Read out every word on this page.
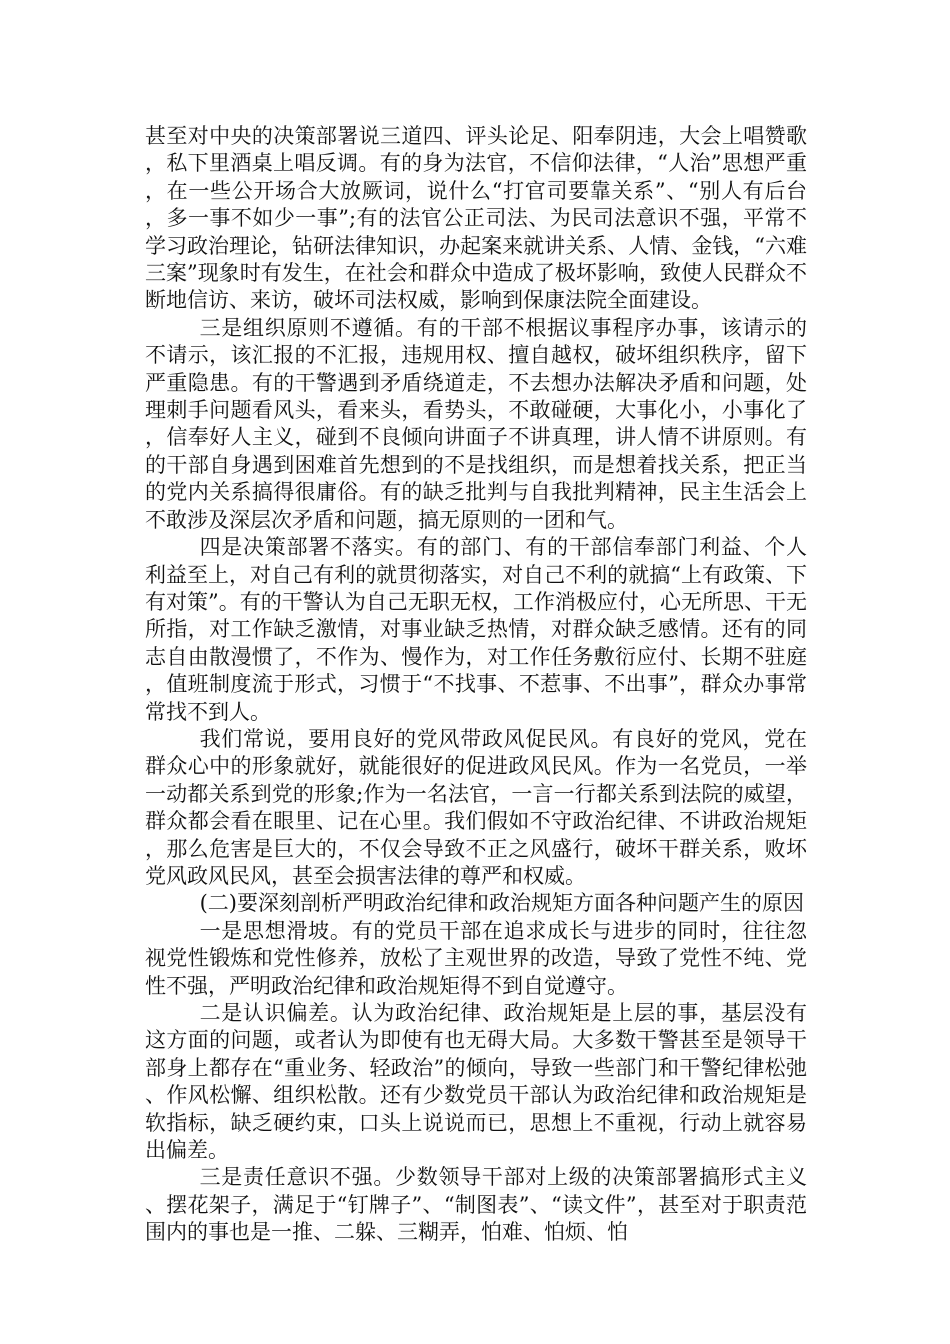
甚至对中央的决策部署说三道四、评头论足、阳奉阴违，大会上唱赞歌，私下里酒桌上唱反调。有的身为法官，不信仰法律，“人治”思想严重，在一些公开场合大放厥词，说什么“打官司要靠关系”、“别人有后台，多一事不如少一事”;有的法官公正司法、为民司法意识不强，平常不学习政治理论，钻研法律知识，办起案来就讲关系、人情、金钱，“六难三案”现象时有发生，在社会和群众中造成了极坏影响，致使人民群众不断地信访、来访，破坏司法权威，影响到保康法院全面建设。

三是组织原则不遵循。有的干部不根据议事程序办事，该请示的不请示，该汇报的不汇报，违规用权、擅自越权，破坏组织秩序，留下严重隐患。有的干警遇到矛盾绕道走，不去想办法解决矛盾和问题，处理刺手问题看风头，看来头，看势头，不敢碰硬，大事化小，小事化了，信奉好人主义，碰到不良倾向讲面子不讲真理，讲人情不讲原则。有的干部自身遇到困难首先想到的不是找组织，而是想着找关系，把正当的党内关系搞得很庸俗。有的缺乏批判与自我批判精神，民主生活会上不敢涉及深层次矛盾和问题，搞无原则的一团和气。

四是决策部署不落实。有的部门、有的干部信奉部门利益、个人利益至上，对自己有利的就贯彻落实，对自己不利的就搞“上有政策、下有对策”。有的干警认为自己无职无权，工作消极应付，心无所思、干无所指，对工作缺乏激情，对事业缺乏热情，对群众缺乏感情。还有的同志自由散漫惯了，不作为、慢作为，对工作任务敷衍应付、长期不驻庭，值班制度流于形式，习惯于“不找事、不惹事、不出事”，群众办事常常找不到人。

我们常说，要用良好的党风带政风促民风。有良好的党风，党在群众心中的形象就好，就能很好的促进政风民风。作为一名党员，一举一动都关系到党的形象;作为一名法官，一言一行都关系到法院的威望，群众都会看在眼里、记在心里。我们假如不守政治纪律、不讲政治规矩，那么危害是巨大的，不仅会导致不正之风盛行，破坏干群关系，败坏党风政风民风，甚至会损害法律的尊严和权威。

(二)要深刻剖析严明政治纪律和政治规矩方面各种问题产生的原因

一是思想滑坡。有的党员干部在追求成长与进步的同时，往往忽视党性锻炼和党性修养，放松了主观世界的改造，导致了党性不纯、党性不强，严明政治纪律和政治规矩得不到自觉遵守。

二是认识偏差。认为政治纪律、政治规矩是上层的事，基层没有这方面的问题，或者认为即使有也无碍大局。大多数干警甚至是领导干部身上都存在“重业务、轻政治”的倾向，导致一些部门和干警纪律松弛、作风松懈、组织松散。还有少数党员干部认为政治纪律和政治规矩是软指标，缺乏硬约束，口头上说说而已，思想上不重视，行动上就容易出偏差。

三是责任意识不强。少数领导干部对上级的决策部署搞形式主义、摆花架子，满足于“钉牌子”、“制图表”、“读文件”，甚至对于职责范围内的事也是一推、二躲、三糊弄，怕难、怕烦、怕
